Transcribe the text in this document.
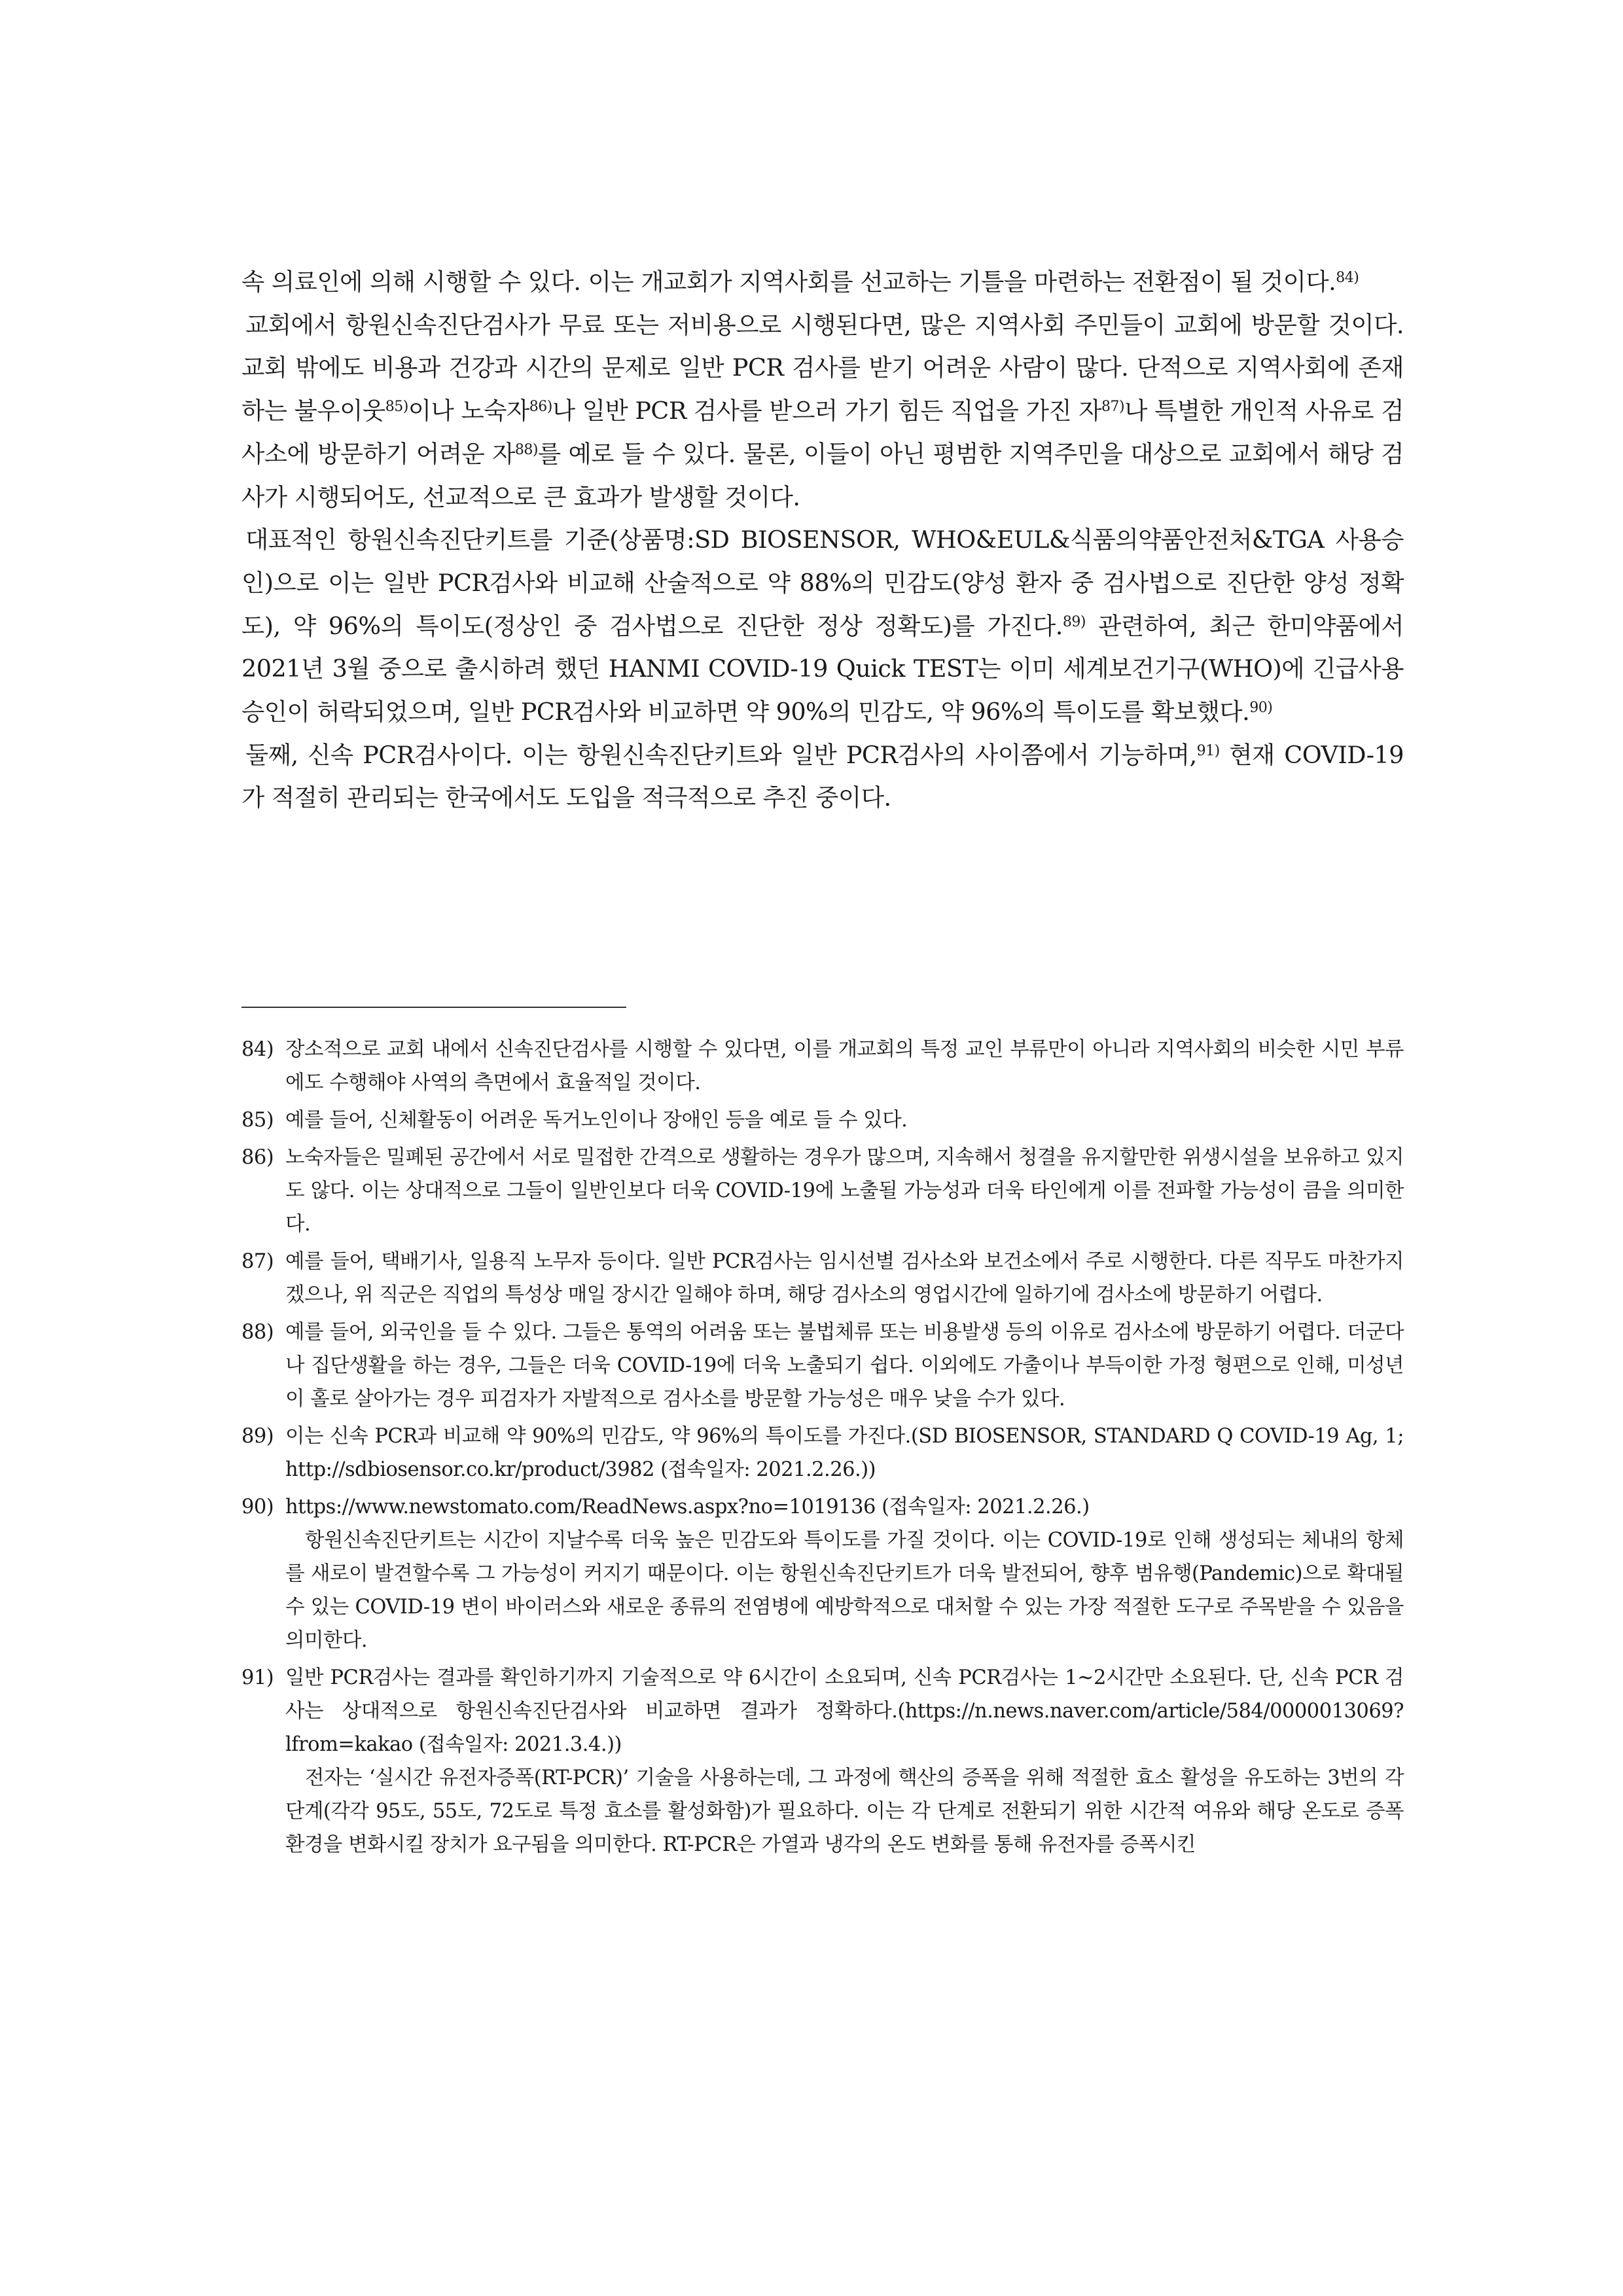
속 의료인에 의해 시행할 수 있다. 이는 개교회가 지역사회를 선교하는 기틀을 마련하는 전환점이 될 것이다.$^{84)}$

교회에서 항원신속진단검사가 무료 또는 저비용으로 시행된다면, 많은 지역사회 주민들이 교회에 방문할 것이다. 교회 밖에도 비용과 건강과 시간의 문제로 일반 PCR 검사를 받기 어려운 사람이 많다. 단적으로 지역사회에 존재하는 불우이웃$^{85)}$이나 노숙자$^{86)}$나 일반 PCR 검사를 받으러 가기 힘든 직업을 가진 자$^{87)}$나 특별한 개인적 사유로 검사소에 방문하기 어려운 자$^{88)}$를 예로 들 수 있다. 물론, 이들이 아닌 평범한 지역주민을 대상으로 교회에서 해당 검사가 시행되어도, 선교적으로 큰 효과가 발생할 것이다.

대표적인 항원신속진단키트를 기준(상품명:SD BIOSENSOR, WHO&EUL&식품의약품안전처&TGA 사용승인)으로 이는 일반 PCR검사와 비교해 산술적으로 약 88%의 민감도(양성 환자 중 검사법으로 진단한 양성 정확도), 약 96%의 특이도(정상인 중 검사법으로 진단한 정상 정확도)를 가진다.$^{89)}$ 관련하여, 최근 한미약품에서 2021년 3월 중으로 출시하려 했던 HANMI COVID-19 Quick TEST는 이미 세계보건기구(WHO)에 긴급사용승인이 허락되었으며, 일반 PCR검사와 비교하면 약 90%의 민감도, 약 96%의 특이도를 확보했다.$^{90)}$

둘째, 신속 PCR검사이다. 이는 항원신속진단키트와 일반 PCR검사의 사이쯤에서 기능하며,$^{91)}$ 현재 COVID-19가 적절히 관리되는 한국에서도 도입을 적극적으로 추진 중이다.

84) 장소적으로 교회 내에서 신속진단검사를 시행할 수 있다면, 이를 개교회의 특정 교인 부류만이 아니라 지역사회의 비슷한 시민 부류에도 수행해야 사역의 측면에서 효율적일 것이다.

85) 예를 들어, 신체활동이 어려운 독거노인이나 장애인 등을 예로 들 수 있다.

86) 노숙자들은 밀폐된 공간에서 서로 밀접한 간격으로 생활하는 경우가 많으며, 지속해서 청결을 유지할만한 위생시설을 보유하고 있지도 않다. 이는 상대적으로 그들이 일반인보다 더욱 COVID-19에 노출될 가능성과 더욱 타인에게 이를 전파할 가능성이 큼을 의미한다.

87) 예를 들어, 택배기사, 일용직 노무자 등이다. 일반 PCR검사는 임시선별 검사소와 보건소에서 주로 시행한다. 다른 직무도 마찬가지겠으나, 위 직군은 직업의 특성상 매일 장시간 일해야 하며, 해당 검사소의 영업시간에 일하기에 검사소에 방문하기 어렵다.

88) 예를 들어, 외국인을 들 수 있다. 그들은 통역의 어려움 또는 불법체류 또는 비용발생 등의 이유로 검사소에 방문하기 어렵다. 더군다나 집단생활을 하는 경우, 그들은 더욱 COVID-19에 더욱 노출되기 쉽다. 이외에도 가출이나 부득이한 가정 형편으로 인해, 미성년이 홀로 살아가는 경우 피검자가 자발적으로 검사소를 방문할 가능성은 매우 낮을 수가 있다.

89) 이는 신속 PCR과 비교해 약 90%의 민감도, 약 96%의 특이도를 가진다.(SD BIOSENSOR, STANDARD Q COVID-19 Ag, 1; http://sdbiosensor.co.kr/product/3982 (접속일자: 2021.2.26.))

90) https://www.newstomato.com/ReadNews.aspx?no=1019136 (접속일자: 2021.2.26.)

항원신속진단키트는 시간이 지날수록 더욱 높은 민감도와 특이도를 가질 것이다. 이는 COVID-19로 인해 생성되는 체내의 항체를 새로이 발견할수록 그 가능성이 커지기 때문이다. 이는 항원신속진단키트가 더욱 발전되어, 향후 범유행(Pandemic)으로 확대될 수 있는 COVID-19 변이 바이러스와 새로운 종류의 전염병에 예방학적으로 대처할 수 있는 가장 적절한 도구로 주목받을 수 있음을 의미한다.

91) 일반 PCR검사는 결과를 확인하기까지 기술적으로 약 6시간이 소요되며, 신속 PCR검사는 1~2시간만 소요된다. 단, 신속 PCR 검사는 상대적으로 항원신속진단검사와 비교하면 결과가 정확하다.(https://n.news.naver.com/article/584/0000013069?lfrom=kakao (접속일자: 2021.3.4.))

전자는 ‘실시간 유전자증폭(RT-PCR)’ 기술을 사용하는데, 그 과정에 핵산의 증폭을 위해 적절한 효소 활성을 유도하는 3번의 각 단계(각각 95도, 55도, 72도로 특정 효소를 활성화함)가 필요하다. 이는 각 단계로 전환되기 위한 시간적 여유와 해당 온도로 증폭환경을 변화시킬 장치가 요구됨을 의미한다. RT-PCR은 가열과 냉각의 온도 변화를 통해 유전자를 증폭시킨
